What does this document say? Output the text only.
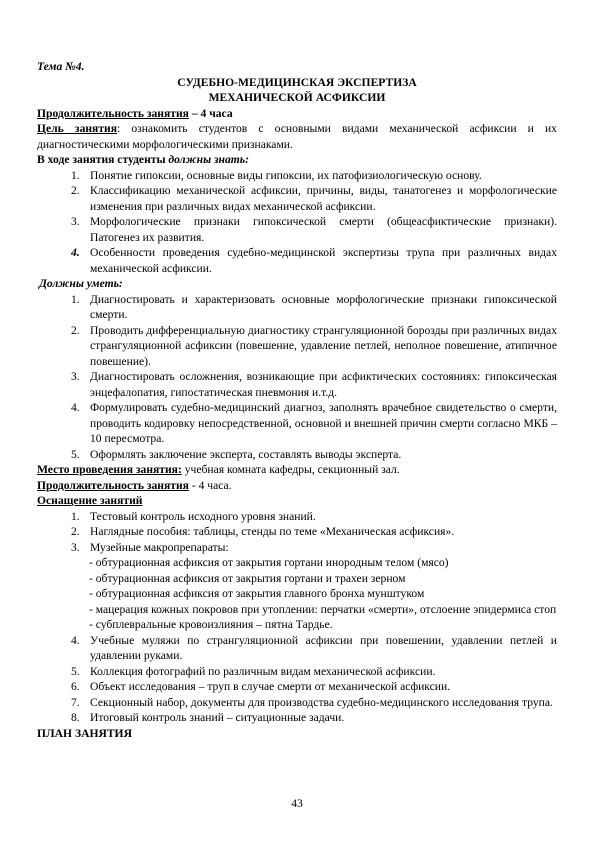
Тема №4.
СУДЕБНО-МЕДИЦИНСКАЯ ЭКСПЕРТИЗА
МЕХАНИЧЕСКОЙ АСФИКСИИ
Продолжительность занятия – 4 часа
Цель занятия: ознакомить студентов с основными видами механической асфиксии и их диагностическими морфологическими признаками.
В ходе занятия студенты должны знать:
1. Понятие гипоксии, основные виды гипоксии, их патофизиологическую основу.
2. Классификацию механической асфиксии, причины, виды, танатогенез и морфологические изменения при различных видах механической асфиксии.
3. Морфологические признаки гипоксической смерти (общеасфиктические признаки). Патогенез их развития.
4. Особенности проведения судебно-медицинской экспертизы трупа при различных видах механической асфиксии.
Должны уметь:
1. Диагностировать и характеризовать основные морфологические признаки гипоксической смерти.
2. Проводить дифференциальную диагностику странгуляционной борозды при различных видах странгуляционной асфиксии (повешение, удавление петлей, неполное повешение, атипичное повешение).
3. Диагностировать осложнения, возникающие при асфиктических состояниях: гипоксическая энцефалопатия, гипостатическая пневмония и.т.д.
4. Формулировать судебно-медицинский диагноз, заполнять врачебное свидетельство о смерти, проводить кодировку непосредственной, основной и внешней причин смерти согласно МКБ – 10 пересмотра.
5. Оформлять заключение эксперта, составлять выводы эксперта.
Место проведения занятия: учебная комната кафедры, секционный зал.
Продолжительность занятия - 4 часа.
Оснащение занятий
1. Тестовый контроль исходного уровня знаний.
2. Наглядные пособия: таблицы, стенды по теме «Механическая асфиксия».
3. Музейные макропрепараты:
- обтурационная асфиксия от закрытия гортани инородным телом (мясо)
- обтурационная асфиксия от закрытия гортани и трахеи зерном
- обтурационная асфиксия от закрытия главного бронха мунштуком
- мацерация кожных покровов при утоплении: перчатки «смерти», отслоение эпидермиса стоп
- субплевральные кровоизлияния – пятна Тардье.
4. Учебные муляжи по странгуляционной асфиксии при повешении, удавлении петлей и удавлении руками.
5. Коллекция фотографий по различным видам механической асфиксии.
6. Объект исследования – труп в случае смерти от механической асфиксии.
7. Секционный набор, документы для производства судебно-медицинского исследования трупа.
8. Итоговый контроль знаний – ситуационные задачи.
ПЛАН ЗАНЯТИЯ
43
